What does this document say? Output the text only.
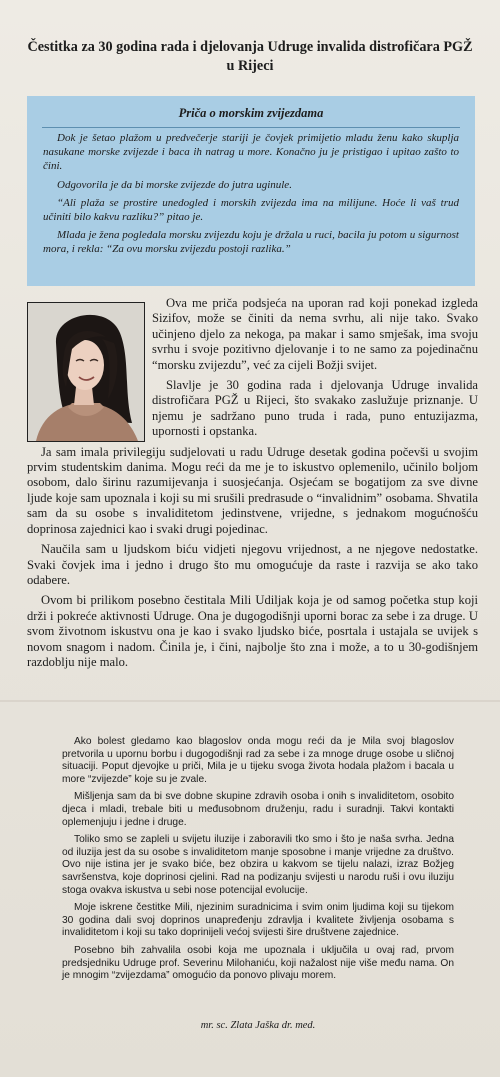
Čestitka za 30 godina rada i djelovanja Udruge invalida distrofičara PGŽ u Rijeci
Priča o morskim zvijezdama

Dok je šetao plažom u predvečerje stariji je čovjek primijetio mladu ženu kako skuplja nasukane morske zvijezde i baca ih natrag u more. Konačno ju je pristigao i upitao zašto to čini.

Odgovorila je da bi morske zvijezde do jutra uginule.

“Ali plaža se prostire unedogled i morskih zvijezda ima na milijune. Hoće li vaš trud učiniti bilo kakvu razliku?” pitao je.

Mlada je žena pogledala morsku zvijezdu koju je držala u ruci, bacila ju potom u sigurnost mora, i rekla: “Za ovu morsku zvijezdu postoji razlika.”

Ova me priča podsjeća na uporan rad koji ponekad izgleda Sizifov, može se činiti da nema svrhu, ali nije tako. Svako učinjeno djelo za nekoga, pa makar i samo smješak, ima svoju svrhu i svoje pozitivno djelovanje i to ne samo za pojedinačnu “morsku zvijezdu”, već za cijeli Božji svijet.

Slavlje je 30 godina rada i djelovanja Udruge invalida distrofičara PGŽ u Rijeci, što svakako zaslužuje priznanje. U njemu je sadržano puno truda i rada, puno entuzijazma, upornosti i opstanka.

Ja sam imala privilegiju sudjelovati u radu Udruge desetak godina počevši u svojim prvim studentskim danima. Mogu reći da me je to iskustvo oplemenilo, učinilo boljom osobom, dalo širinu razumijevanja i suosjećanja. Osjećam se bogatijom za sve divne ljude koje sam upoznala i koji su mi srušili predrasude o “invalidnim” osobama. Shvatila sam da su osobe s invaliditetom jedinstvene, vrijedne, s jednakom mogućnošću doprinosa zajednici kao i svaki drugi pojedinac.

Naučila sam u ljudskom biću vidjeti njegovu vrijednost, a ne njegove nedostatke. Svaki čovjek ima i jedno i drugo što mu omogućuje da raste i razvija se ako tako odabere.

Ovom bi prilikom posebno čestitala Mili Udiljak koja je od samog početka stup koji drži i pokreće aktivnosti Udruge. Ona je dugogodišnji uporni borac za sebe i za druge. U svom životnom iskustvu ona je kao i svako ljudsko biće, posrtala i ustajala se uvijek s novom snagom i nadom. Činila je, i čini, najbolje što zna i može, a to u 30-godišnjem razdoblju nije malo.

Ako bolest gledamo kao blagoslov onda mogu reći da je Mila svoj blagoslov pretvorila u upornu borbu i dugogodišnji rad za sebe i za mnoge druge osobe u sličnoj situaciji. Poput djevojke u priči, Mila je u tijeku svoga života hodala plažom i bacala u more “zvijezde” koje su je zvale.

Mišljenja sam da bi sve dobne skupine zdravih osoba i onih s invaliditetom, osobito djeca i mladi, trebale biti u međusobnom druženju, radu i suradnji. Takvi kontakti oplemenjuju i jedne i druge.

Toliko smo se zapleli u svijetu iluzije i zaboravili tko smo i što je naša svrha. Jedna od iluzija jest da su osobe s invaliditetom manje sposobne i manje vrijedne za društvo. Ovo nije istina jer je svako biće, bez obzira u kakvom se tijelu nalazi, izraz Božjeg savršenstva, koje doprinosi cjelini. Rad na podizanju svijesti u narodu ruši i ovu iluziju stoga ovakva iskustva u sebi nose potencijal evolucije.

Moje iskrene čestitke Mili, njezinim suradnicima i svim onim ljudima koji su tijekom 30 godina dali svoj doprinos unapređenju zdravlja i kvalitete življenja osobama s invaliditetom i koji su tako doprinijeli većoj svijesti šire društvene zajednice.

Posebno bih zahvalila osobi koja me upoznala i uključila u ovaj rad, prvom predsjedniku Udruge prof. Severinu Milohaniću, koji nažalost nije više među nama. On je mnogim “zvijezdama” omogućio da ponovo plivaju morem.

mr. sc. Zlata Jaška dr. med.
